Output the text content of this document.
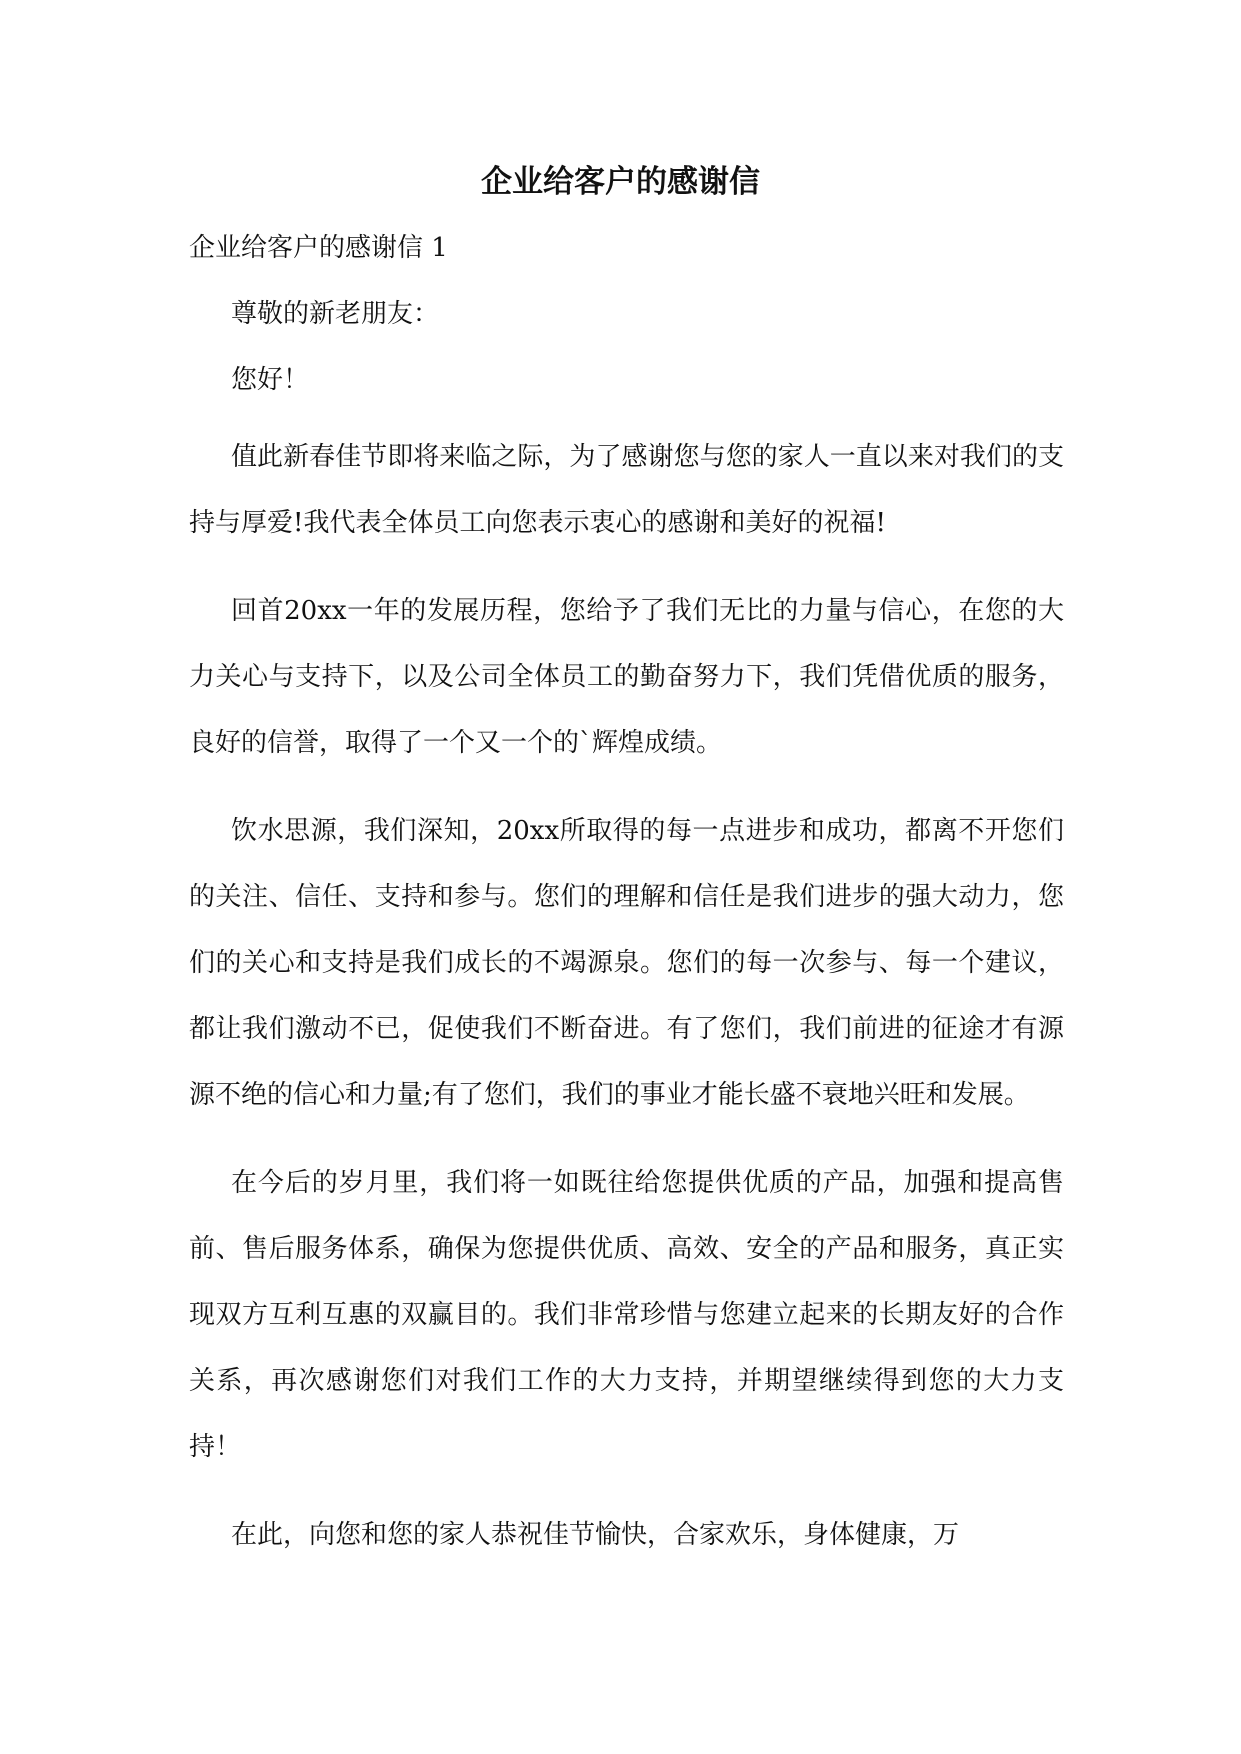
企业给客户的感谢信

企业给客户的感谢信 1

尊敬的新老朋友：

您好！

值此新春佳节即将来临之际，为了感谢您与您的家人一直以来对我们的支持与厚爱!我代表全体员工向您表示衷心的感谢和美好的祝福!

回首20xx一年的发展历程，您给予了我们无比的力量与信心，在您的大力关心与支持下，以及公司全体员工的勤奋努力下，我们凭借优质的服务，良好的信誉，取得了一个又一个的`辉煌成绩。

饮水思源，我们深知，20xx所取得的每一点进步和成功，都离不开您们的关注、信任、支持和参与。您们的理解和信任是我们进步的强大动力，您们的关心和支持是我们成长的不竭源泉。您们的每一次参与、每一个建议，都让我们激动不已，促使我们不断奋进。有了您们，我们前进的征途才有源源不绝的信心和力量;有了您们，我们的事业才能长盛不衰地兴旺和发展。

在今后的岁月里，我们将一如既往给您提供优质的产品，加强和提高售前、售后服务体系，确保为您提供优质、高效、安全的产品和服务，真正实现双方互利互惠的双赢目的。我们非常珍惜与您建立起来的长期友好的合作关系，再次感谢您们对我们工作的大力支持，并期望继续得到您的大力支持！

在此，向您和您的家人恭祝佳节愉快，合家欢乐，身体健康，万
